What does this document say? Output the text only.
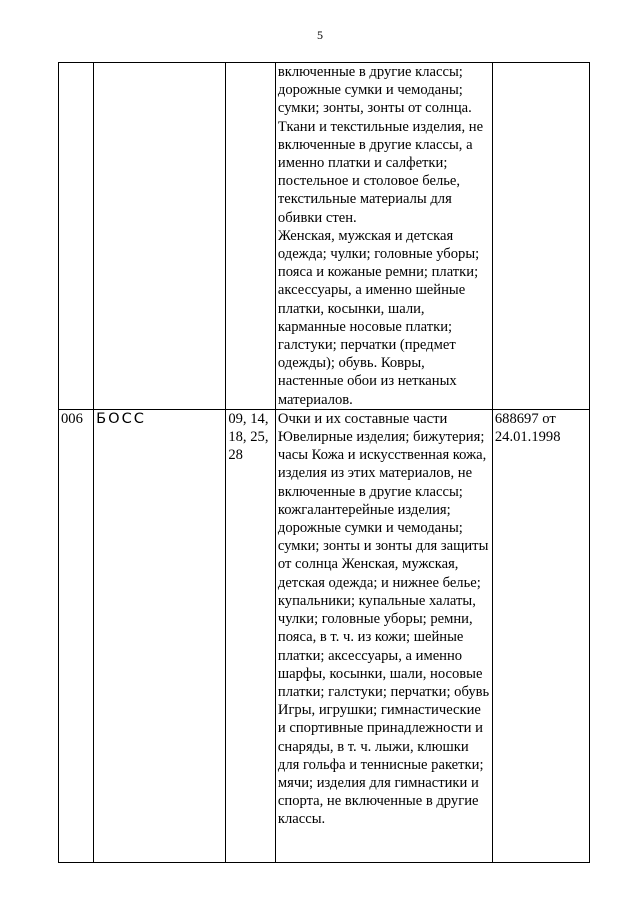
5

			включенные в другие классы; дорожные сумки и чемоданы; сумки; зонты, зонты от солнца.
Ткани и текстильные изделия, не включенные в другие классы, а именно платки и салфетки; постельное и столовое белье, текстильные материалы для обивки стен.
Женская, мужская и детская одежда; чулки; головные уборы; пояса и кожаные ремни; платки; аксессуары, а именно шейные платки, косынки, шали, карманные носовые платки; галстуки; перчатки (предмет одежды); обувь. Ковры, настенные обои из нетканых материалов.	

006	БОСС	09, 14, 18, 25, 28	Очки и их составные части Ювелирные изделия; бижутерия; часы Кожа и искусственная кожа, изделия из этих материалов, не включенные в другие классы; кожгалантерейные изделия; дорожные сумки и чемоданы; сумки; зонты и зонты для защиты от солнца Женская, мужская, детская одежда; и нижнее белье; купальники; купальные халаты, чулки; головные уборы; ремни, пояса, в т. ч. из кожи; шейные платки; аксессуары, а именно шарфы, косынки, шали, носовые платки; галстуки; перчатки; обувь Игры, игрушки; гимнастические и спортивные принадлежности и снаряды, в т. ч. лыжи, клюшки для гольфа и теннисные ракетки; мячи; изделия для гимнастики и спорта, не включенные в другие классы.	688697 от 24.01.1998
